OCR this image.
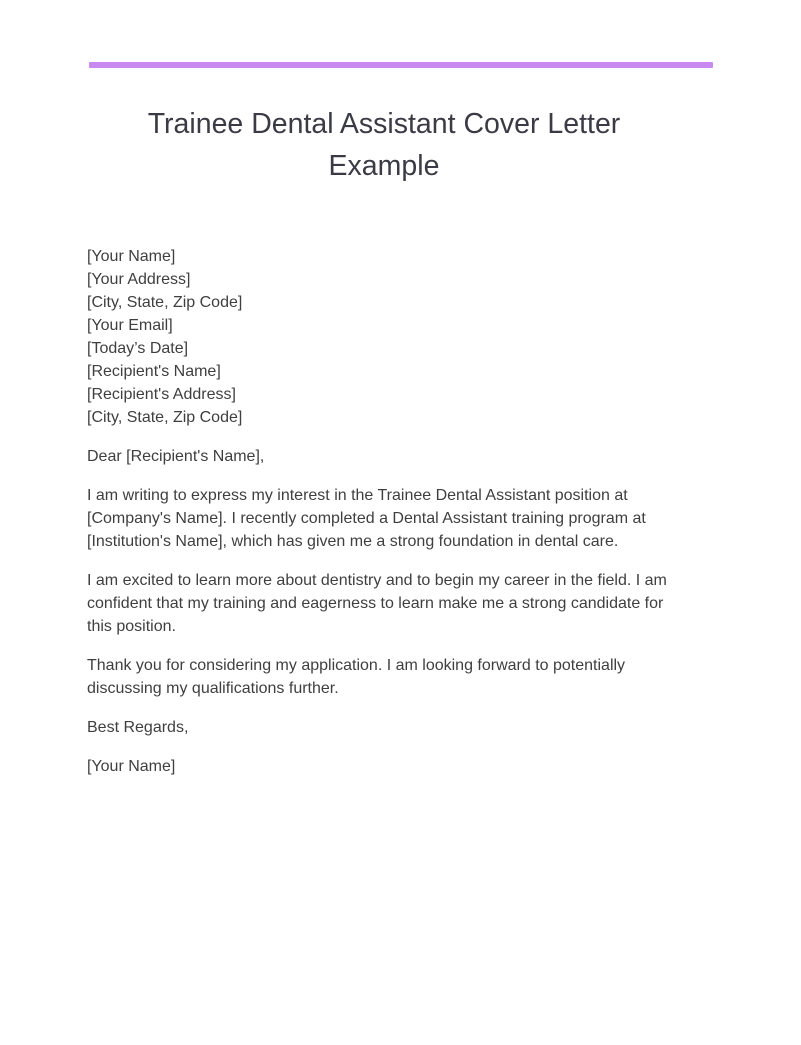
Trainee Dental Assistant Cover Letter Example
[Your Name]
[Your Address]
[City, State, Zip Code]
[Your Email]
[Today’s Date]
[Recipient's Name]
[Recipient's Address]
[City, State, Zip Code]

Dear [Recipient's Name],

I am writing to express my interest in the Trainee Dental Assistant position at [Company's Name]. I recently completed a Dental Assistant training program at [Institution's Name], which has given me a strong foundation in dental care.

I am excited to learn more about dentistry and to begin my career in the field. I am confident that my training and eagerness to learn make me a strong candidate for this position.

Thank you for considering my application. I am looking forward to potentially discussing my qualifications further.

Best Regards,

[Your Name]
